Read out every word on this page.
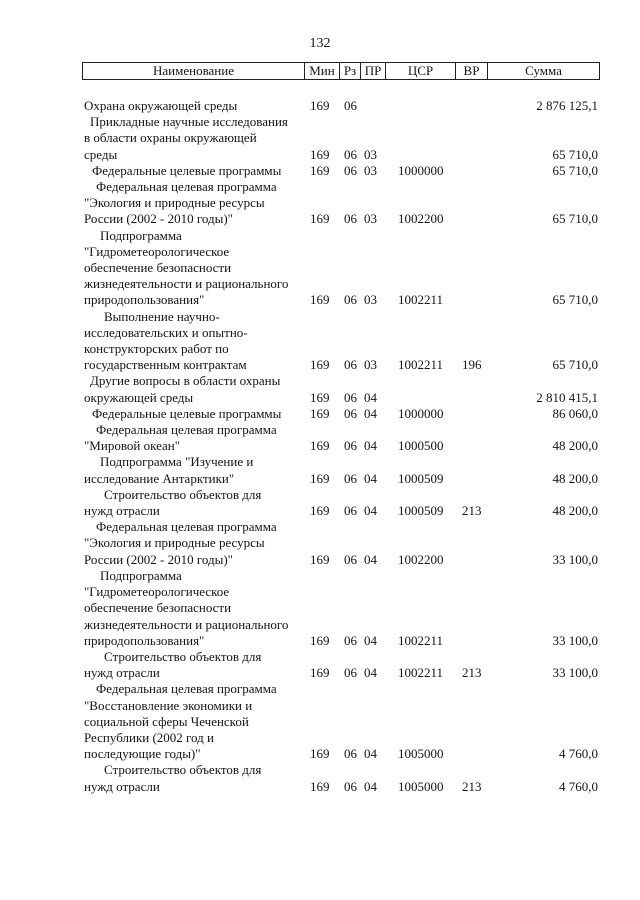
132
Наименование	Мин Рз ПР	ЦСР	ВР	Сумма
Охрана окружающей среды	169 06	2 876 125,1
Прикладные научные исследования
в области охраны окружающей
среды	169 06 03	65 710,0
Федеральные целевые программы	169 06 03 1000000	65 710,0
Федеральная целевая программа
"Экология и природные ресурсы
России (2002 - 2010 годы)"	169 06 03 1002200	65 710,0
Подпрограмма
"Гидрометеорологическое
обеспечение безопасности
жизнедеятельности и рационального
природопользования"	169 06 03 1002211	65 710,0
Выполнение научно-
исследовательских и опытно-
конструкторских работ по
государственным контрактам	169 06 03 1002211 196	65 710,0
Другие вопросы в области охраны
окружающей среды	169 06 04	2 810 415,1
Федеральные целевые программы	169 06 04 1000000	86 060,0
Федеральная целевая программа
"Мировой океан"	169 06 04 1000500	48 200,0
Подпрограмма "Изучение и
исследование Антарктики"	169 06 04 1000509	48 200,0
Строительство объектов для
нужд отрасли	169 06 04 1000509 213	48 200,0
Федеральная целевая программа
"Экология и природные ресурсы
России (2002 - 2010 годы)"	169 06 04 1002200	33 100,0
Подпрограмма
"Гидрометеорологическое
обеспечение безопасности
жизнедеятельности и рационального
природопользования"	169 06 04 1002211	33 100,0
Строительство объектов для
нужд отрасли	169 06 04 1002211 213	33 100,0
Федеральная целевая программа
"Восстановление экономики и
социальной сферы Чеченской
Республики (2002 год и
последующие годы)"	169 06 04 1005000	4 760,0
Строительство объектов для
нужд отрасли	169 06 04 1005000 213	4 760,0
